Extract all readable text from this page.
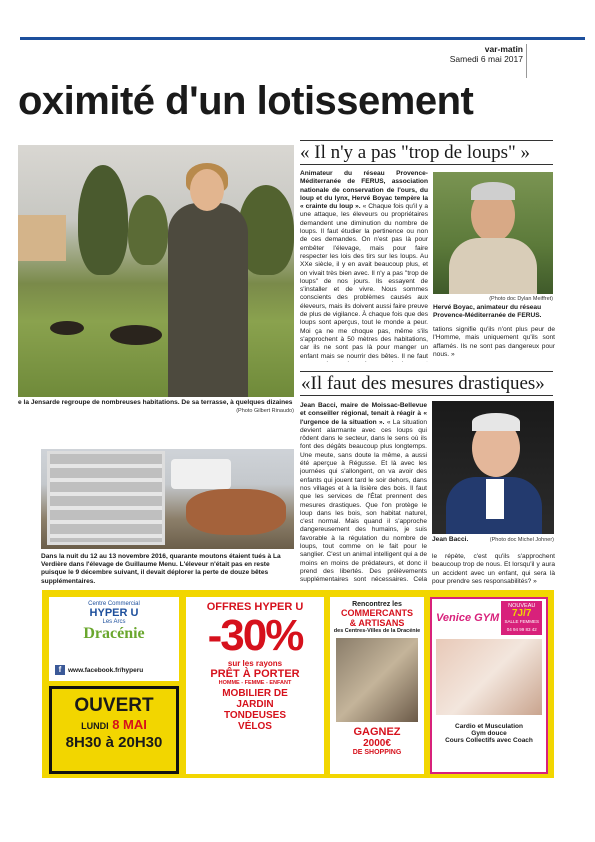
var-matin
Samedi 6 mai 2017
oximité d'un lotissement
e la Jensarde regroupe de nombreuses habitations. De sa terrasse, à quelques dizaines
(Photo Gilbert Rinaudo)
Dans la nuit du 12 au 13 novembre 2016, quarante moutons étaient tués à La Verdière dans l'élevage de Guillaume Menu. L'éleveur n'était pas en reste puisque le 9 décembre suivant, il devait déplorer la perte de douze bêtes supplémentaires.
« Il n'y a pas "trop de loups" »
Animateur du réseau Provence-Méditerranée de FERUS, association nationale de conservation de l'ours, du loup et du lynx, Hervé Boyac tempère la « crainte du loup ». « Chaque fois qu'il y a une attaque, les éleveurs ou propriétaires demandent une diminution du nombre de loups. Il faut étudier la pertinence ou non de ces demandes. On n'est pas là pour embêter l'élevage, mais pour faire respecter les lois des tirs sur les loups. Au XXe siècle, il y en avait beaucoup plus, et on vivait très bien avec. Il n'y a pas "trop de loups" de nos jours. Ils essayent de s'installer et de vivre. Nous sommes conscients des problèmes causés aux éleveurs, mais ils doivent aussi faire preuve de plus de vigilance. À chaque fois que des loups sont aperçus, tout le monde a peur. Moi ça ne me choque pas, même s'ils s'approchent à 50 mètres des habitations, car ils ne sont pas là pour manger un enfant mais se nourrir des bêtes. Il ne faut
(Photo doc Dylan Meiffret)
Hervé Boyac, animateur du réseau Provence-Méditerranée de FERUS.
tations signifie qu'ils n'ont plus peur de l'Homme, mais uniquement qu'ils sont affamés. Ils ne sont pas dangereux pour nous. »
«Il faut des mesures drastiques»
Jean Bacci, maire de Moissac-Bellevue et conseiller régional, tenait à réagir à « l'urgence de la situation ». « La situation devient alarmante avec ces loups qui rôdent dans le secteur, dans le sens où ils font des dégâts beaucoup plus longtemps. Une meute, sans doute la même, a aussi été aperçue à Régusse. Et là avec les journées qui s'allongent, on va avoir des enfants qui jouent tard le soir dehors, dans nos villages et à la lisière des bois. Il faut que les services de l'État prennent des mesures drastiques. Que l'on protège le loup dans les bois, son habitat naturel, c'est normal. Mais quand il s'approche dangereusement des humains, je suis favorable à la régulation du nombre de loups, tout comme on le fait pour le sanglier. C'est un animal intelligent qui a de moins en moins de prédateurs, et donc il prend des libertés. Des prélèvements supplémentaires sont nécessaires. Cela
Jean Bacci.	(Photo doc Michel Johner)
le répète, c'est qu'ils s'approchent beaucoup trop de nous. Et lorsqu'il y aura un accident avec un enfant, qui sera là pour prendre ses responsabilités? »
Centre Commercial
HYPER U
Les Arcs
Dracénie
f	www.facebook.fr/hyperu
OUVERT
LUNDI 8 MAI
8H30 à 20H30
OFFRES HYPER U
-30%
sur les rayons
PRÊT À PORTER
HOMME - FEMME - ENFANT
MOBILIER DE JARDIN
TONDEUSES
VÉLOS
Rencontrez les
COMMERCANTS
& ARTISANS
des Centres-Villes de la Dracénie
GAGNEZ
2000€
DE SHOPPING
Venice GYM
NOUVEAU
7J/7
SALLE FEMMES
04 94 99 83 42
Cardio et Musculation
Gym douce
Cours Collectifs avec Coach
